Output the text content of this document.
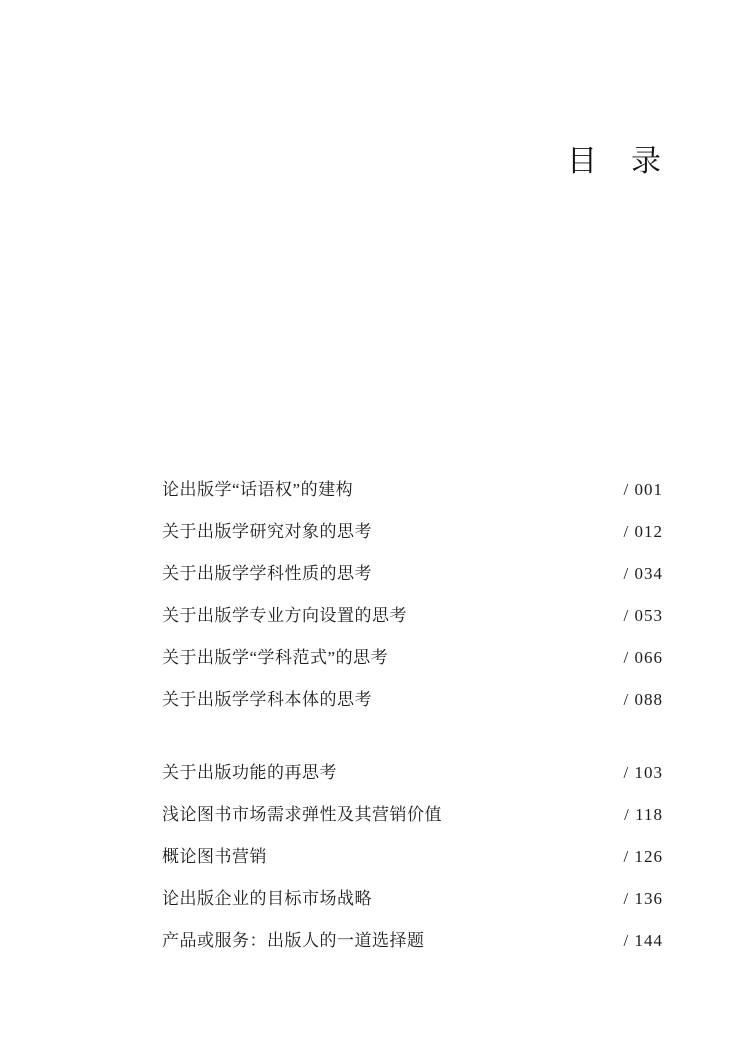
目　录
论出版学“话语权”的建构	/ 001
关于出版学研究对象的思考	/ 012
关于出版学学科性质的思考	/ 034
关于出版学专业方向设置的思考	/ 053
关于出版学“学科范式”的思考	/ 066
关于出版学学科本体的思考	/ 088
关于出版功能的再思考	/ 103
浅论图书市场需求弹性及其营销价值	/ 118
概论图书营销	/ 126
论出版企业的目标市场战略	/ 136
产品或服务：出版人的一道选择题	/ 144
